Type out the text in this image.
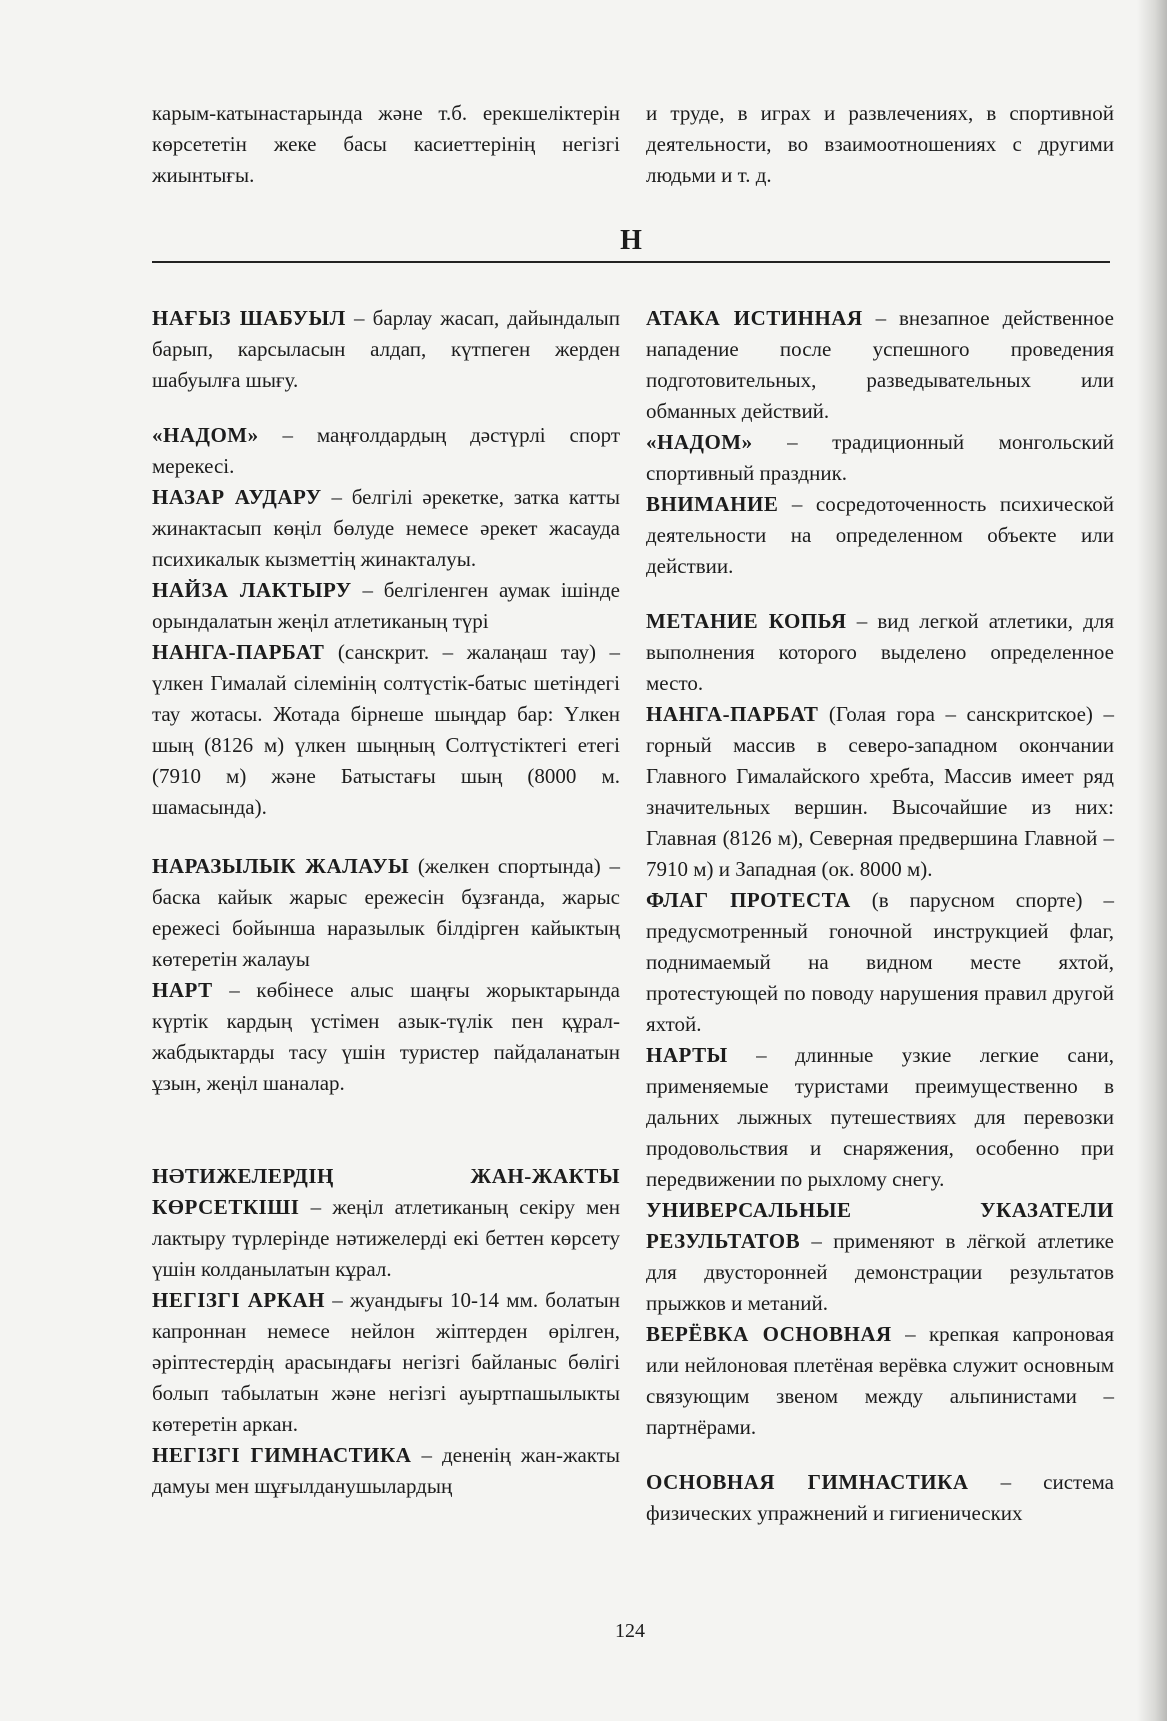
карым-катынастарында және т.б. ерекшеліктерін көрсететін жеке басы касиеттерінің негізгі жиынтығы.
и труде, в играх и развлечениях, в спортивной деятельности, во взаимоотношениях с другими людьми и т. д.
Н

НАҒЫЗ ШАБУЫЛ – барлау жасап, дайындалып барып, карсыласын алдап, күтпеген жерден шабуылға шығу.

«НАДОМ» – маңғолдардың дәстүрлі спорт мерекесі.

НАЗАР АУДАРУ – белгілі әрекетке, затка катты жинактасып көңіл бөлуде немесе әрекет жасауда психикалык кызметтің жинакталуы.

НАЙЗА ЛАКТЫРУ – белгіленген аумак ішінде орындалатын жеңіл атлетиканың түрі

НАНГА-ПАРБАТ (санскрит. – жалаңаш тау) – үлкен Гималай сілемінің солтүстік-батыс шетіндегі тау жотасы. Жотада бірнеше шыңдар бар: Үлкен шың (8126 м) үлкен шыңның Солтүстіктегі етегі (7910 м) және Батыстағы шың (8000 м. шамасында).

НАРАЗЫЛЫК ЖАЛАУЫ (желкен спортында) – баска кайык жарыс ережесін бұзғанда, жарыс ережесі бойынша наразылык білдірген кайыктың көтеретін жалауы

НАРТ – көбінесе алыс шаңғы жорыктарында күртік кардың үстімен азык-түлік пен құрал-жабдыктарды тасу үшін туристер пайдаланатын ұзын, жеңіл шаналар.

НӘТИЖЕЛЕРДІҢ ЖАН-ЖАКТЫ КӨРСЕТКІШІ – жеңіл атлетиканың секіру мен лактыру түрлерінде нәтижелерді екі беттен көрсету үшін колданылатын кұрал.

НЕГІЗГІ АРКАН – жуандығы 10-14 мм. болатын капроннан немесе нейлон жіптерден өрілген, әріптестердің арасындағы негізгі байланыс бөлігі болып табылатын және негізгі ауыртпашылыкты көтеретін аркан.

НЕГІЗГІ ГИМНАСТИКА – дененің жан-жакты дамуы мен шұғылданушылардың

АТАКА ИСТИННАЯ – внезапное действенное нападение после успешного проведения подготовительных, разведывательных или обманных действий.

«НАДОМ» – традиционный монгольский спортивный праздник.

ВНИМАНИЕ – сосредоточенность психической деятельности на определенном объекте или действии.

МЕТАНИЕ КОПЬЯ – вид легкой атлетики, для выполнения которого выделено определенное место.

НАНГА-ПАРБАТ (Голая гора – санскритское) – горный массив в северо-западном окончании Главного Гималайского хребта, Массив имеет ряд значительных вершин. Высочайшие из них: Главная (8126 м), Северная предвершина Главной – 7910 м) и Западная (ок. 8000 м).

ФЛАГ ПРОТЕСТА (в парусном спорте) – предусмотренный гоночной инструкцией флаг, поднимаемый на видном месте яхтой, протестующей по поводу нарушения правил другой яхтой.

НАРТЫ – длинные узкие легкие сани, применяемые туристами преимущественно в дальних лыжных путешествиях для перевозки продовольствия и снаряжения, особенно при передвижении по рыхлому снегу.

УНИВЕРСАЛЬНЫЕ УКАЗАТЕЛИ РЕЗУЛЬТАТОВ – применяют в лёгкой атлетике для двусторонней демонстрации результатов прыжков и метаний.

ВЕРЁВКА ОСНОВНАЯ – крепкая капроновая или нейлоновая плетёная верёвка служит основным связующим звеном между альпинистами – партнёрами.

ОСНОВНАЯ ГИМНАСТИКА – система физических упражнений и гигиенических

124
